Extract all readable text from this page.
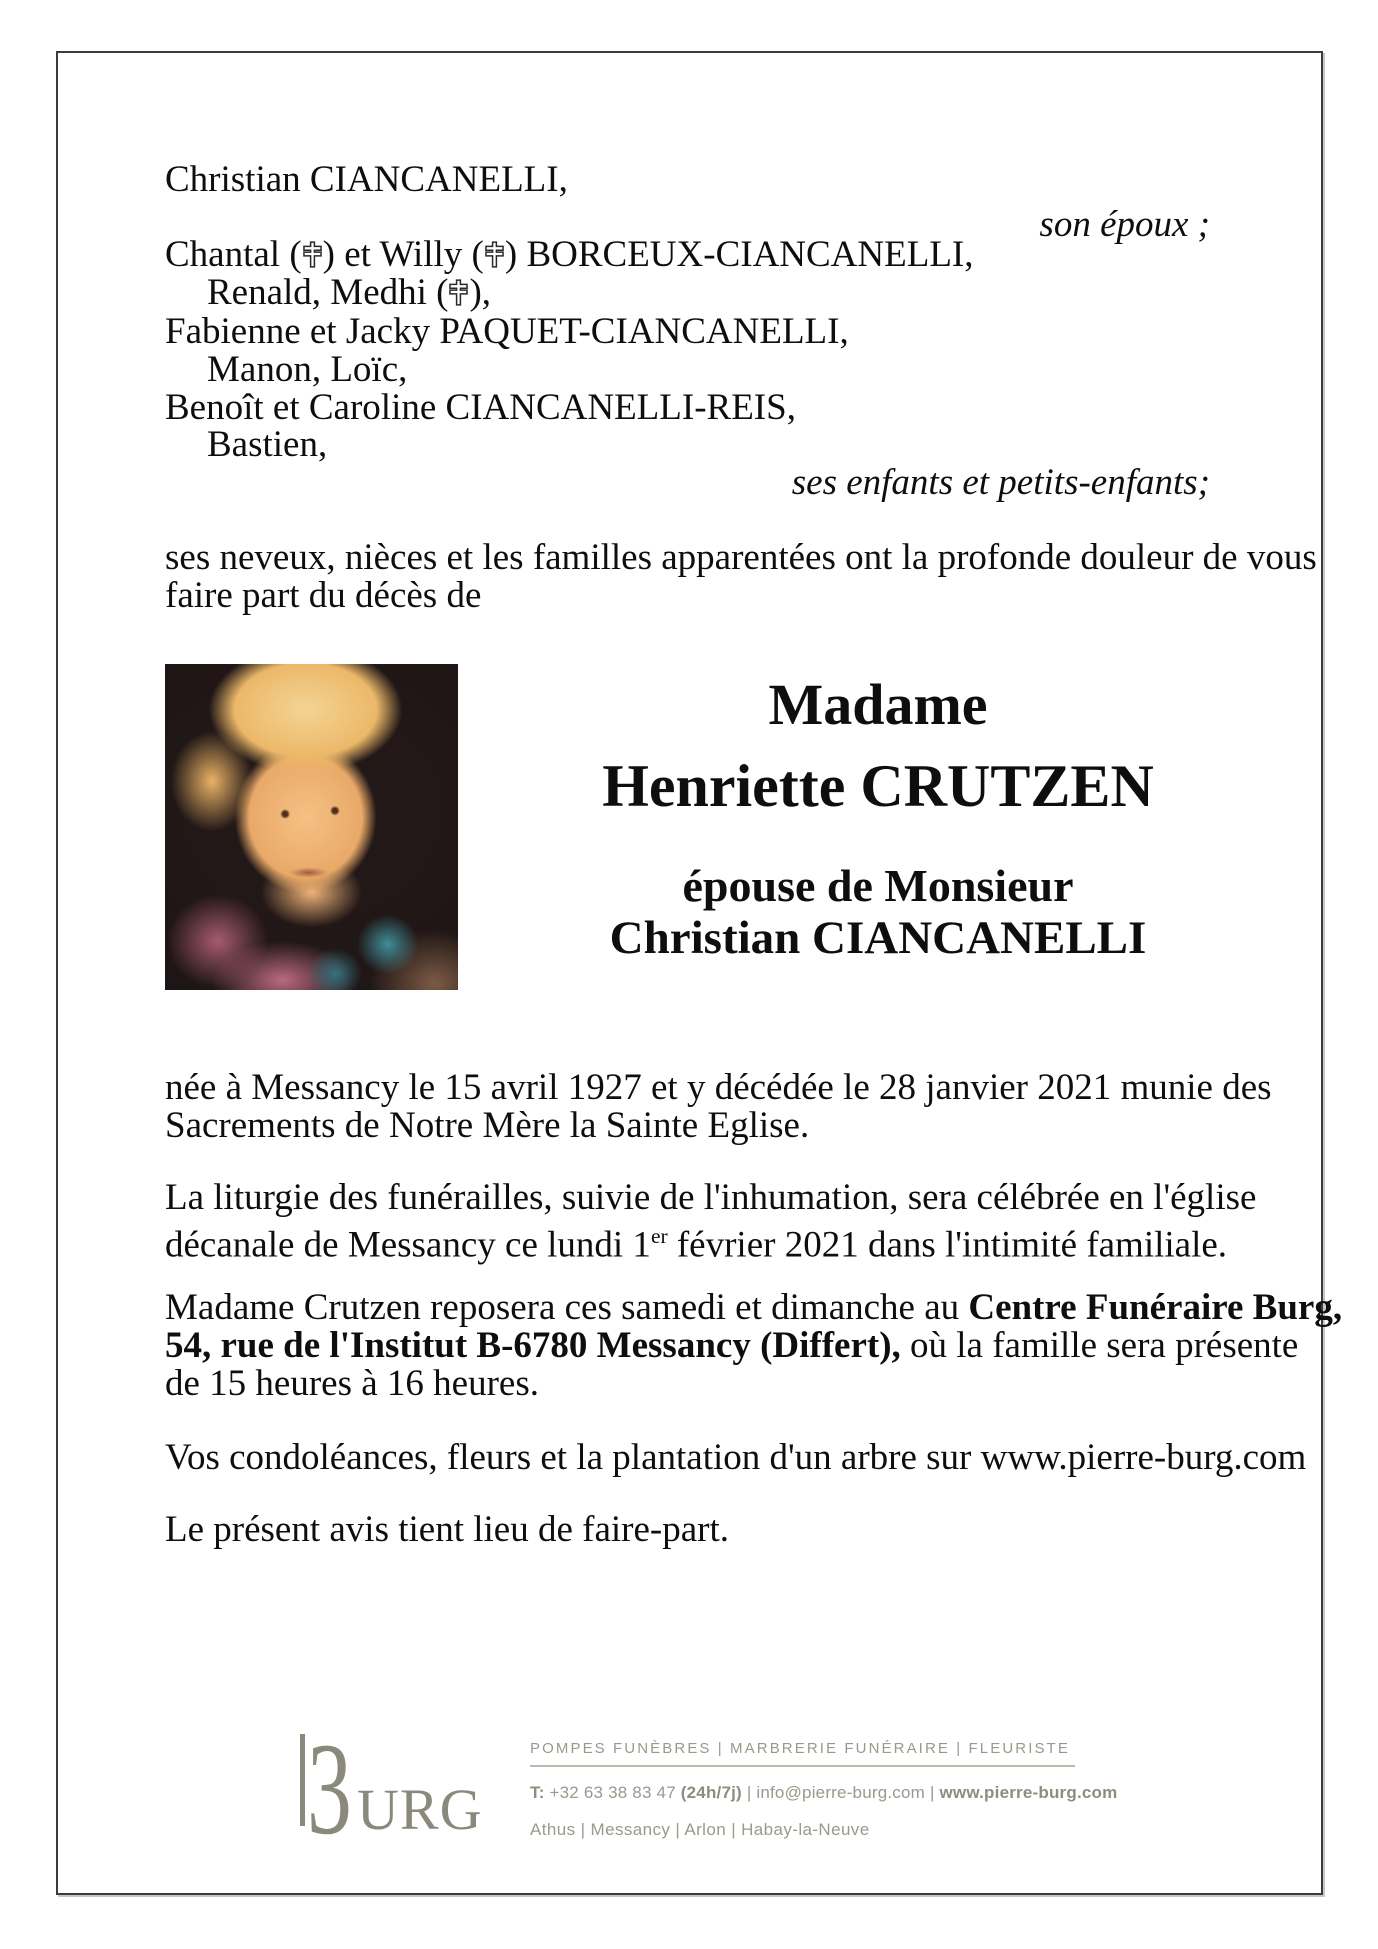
Christian CIANCANELLI,
son époux ;
Chantal ( ) et Willy ( ) BORCEUX-CIANCANELLI,
Renald, Medhi ( ),
Fabienne et Jacky PAQUET-CIANCANELLI,
Manon, Loïc,
Benoît et Caroline CIANCANELLI-REIS,
Bastien,
ses enfants et petits-enfants;
ses neveux, nièces et les familles apparentées ont la profonde douleur de vous
faire part du décès de
Madame
Henriette CRUTZEN
épouse de Monsieur
Christian CIANCANELLI
née à Messancy le 15 avril 1927 et y décédée le 28 janvier 2021 munie des
Sacrements de Notre Mère la Sainte Eglise.
La liturgie des funérailles, suivie de l'inhumation, sera célébrée en l'église
décanale de Messancy ce lundi 1er février 2021 dans l'intimité familiale.
Madame Crutzen reposera ces samedi et dimanche au Centre Funéraire Burg,
54, rue de l'Institut B-6780 Messancy (Differt), où la famille sera présente
de 15 heures à 16 heures.
Vos condoléances, fleurs et la plantation d'un arbre sur www.pierre-burg.com
Le présent avis tient lieu de faire-part.
3 URG
POMPES FUNÈBRES | MARBRERIE FUNÉRAIRE | FLEURISTE
T: +32 63 38 83 47 (24h/7j) | info@pierre-burg.com | www.pierre-burg.com
Athus | Messancy | Arlon | Habay-la-Neuve
